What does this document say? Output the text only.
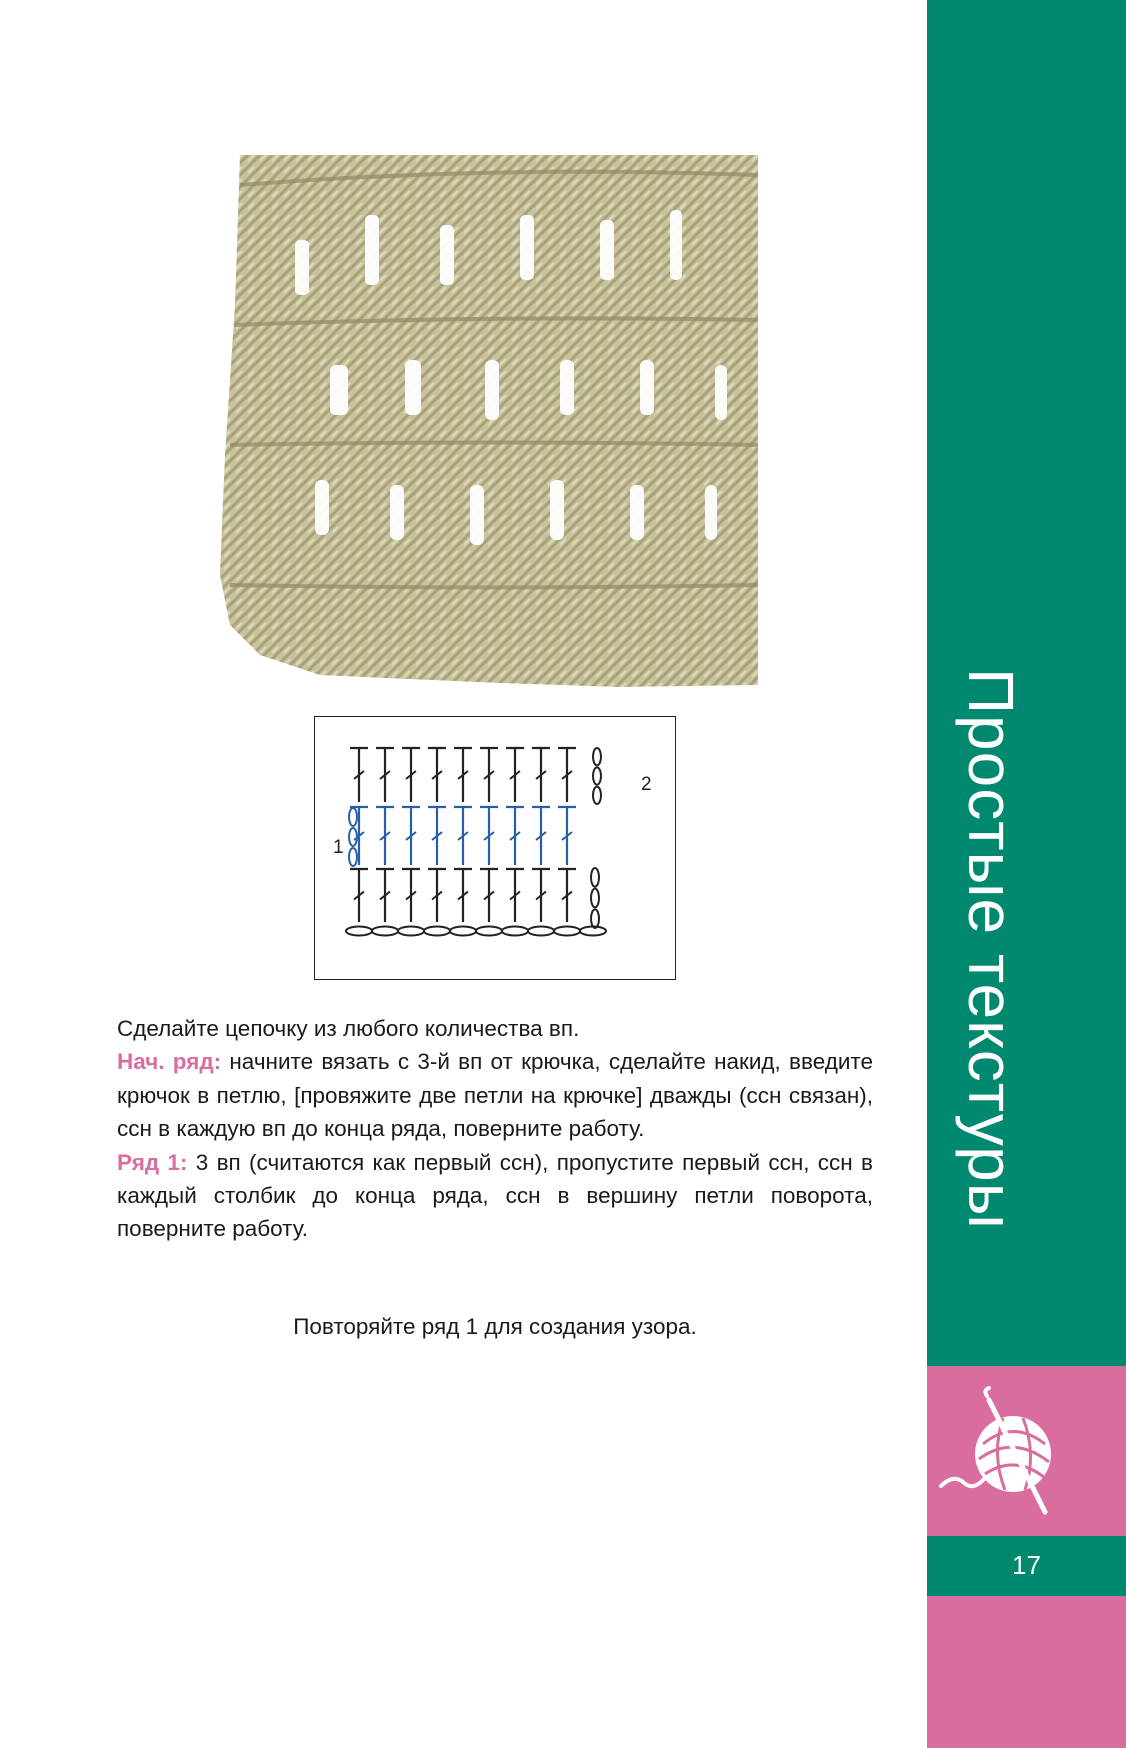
2
1

Сделайте цепочку из любого количества вп.

Нач. ряд: начните вязать с 3-й вп от крючка, сделайте накид, введите крючок в петлю, [провяжите две петли на крючке] дважды (ссн связан), ссн в каждую вп до конца ряда, поверните работу.

Ряд 1: 3 вп (считаются как первый ссн), пропустите первый ссн, ссн в каждый столбик до конца ряда, ссн в вершину петли поворота, поверните работу.

Повторяйте ряд 1 для создания узора.
Простые текстуры
17
